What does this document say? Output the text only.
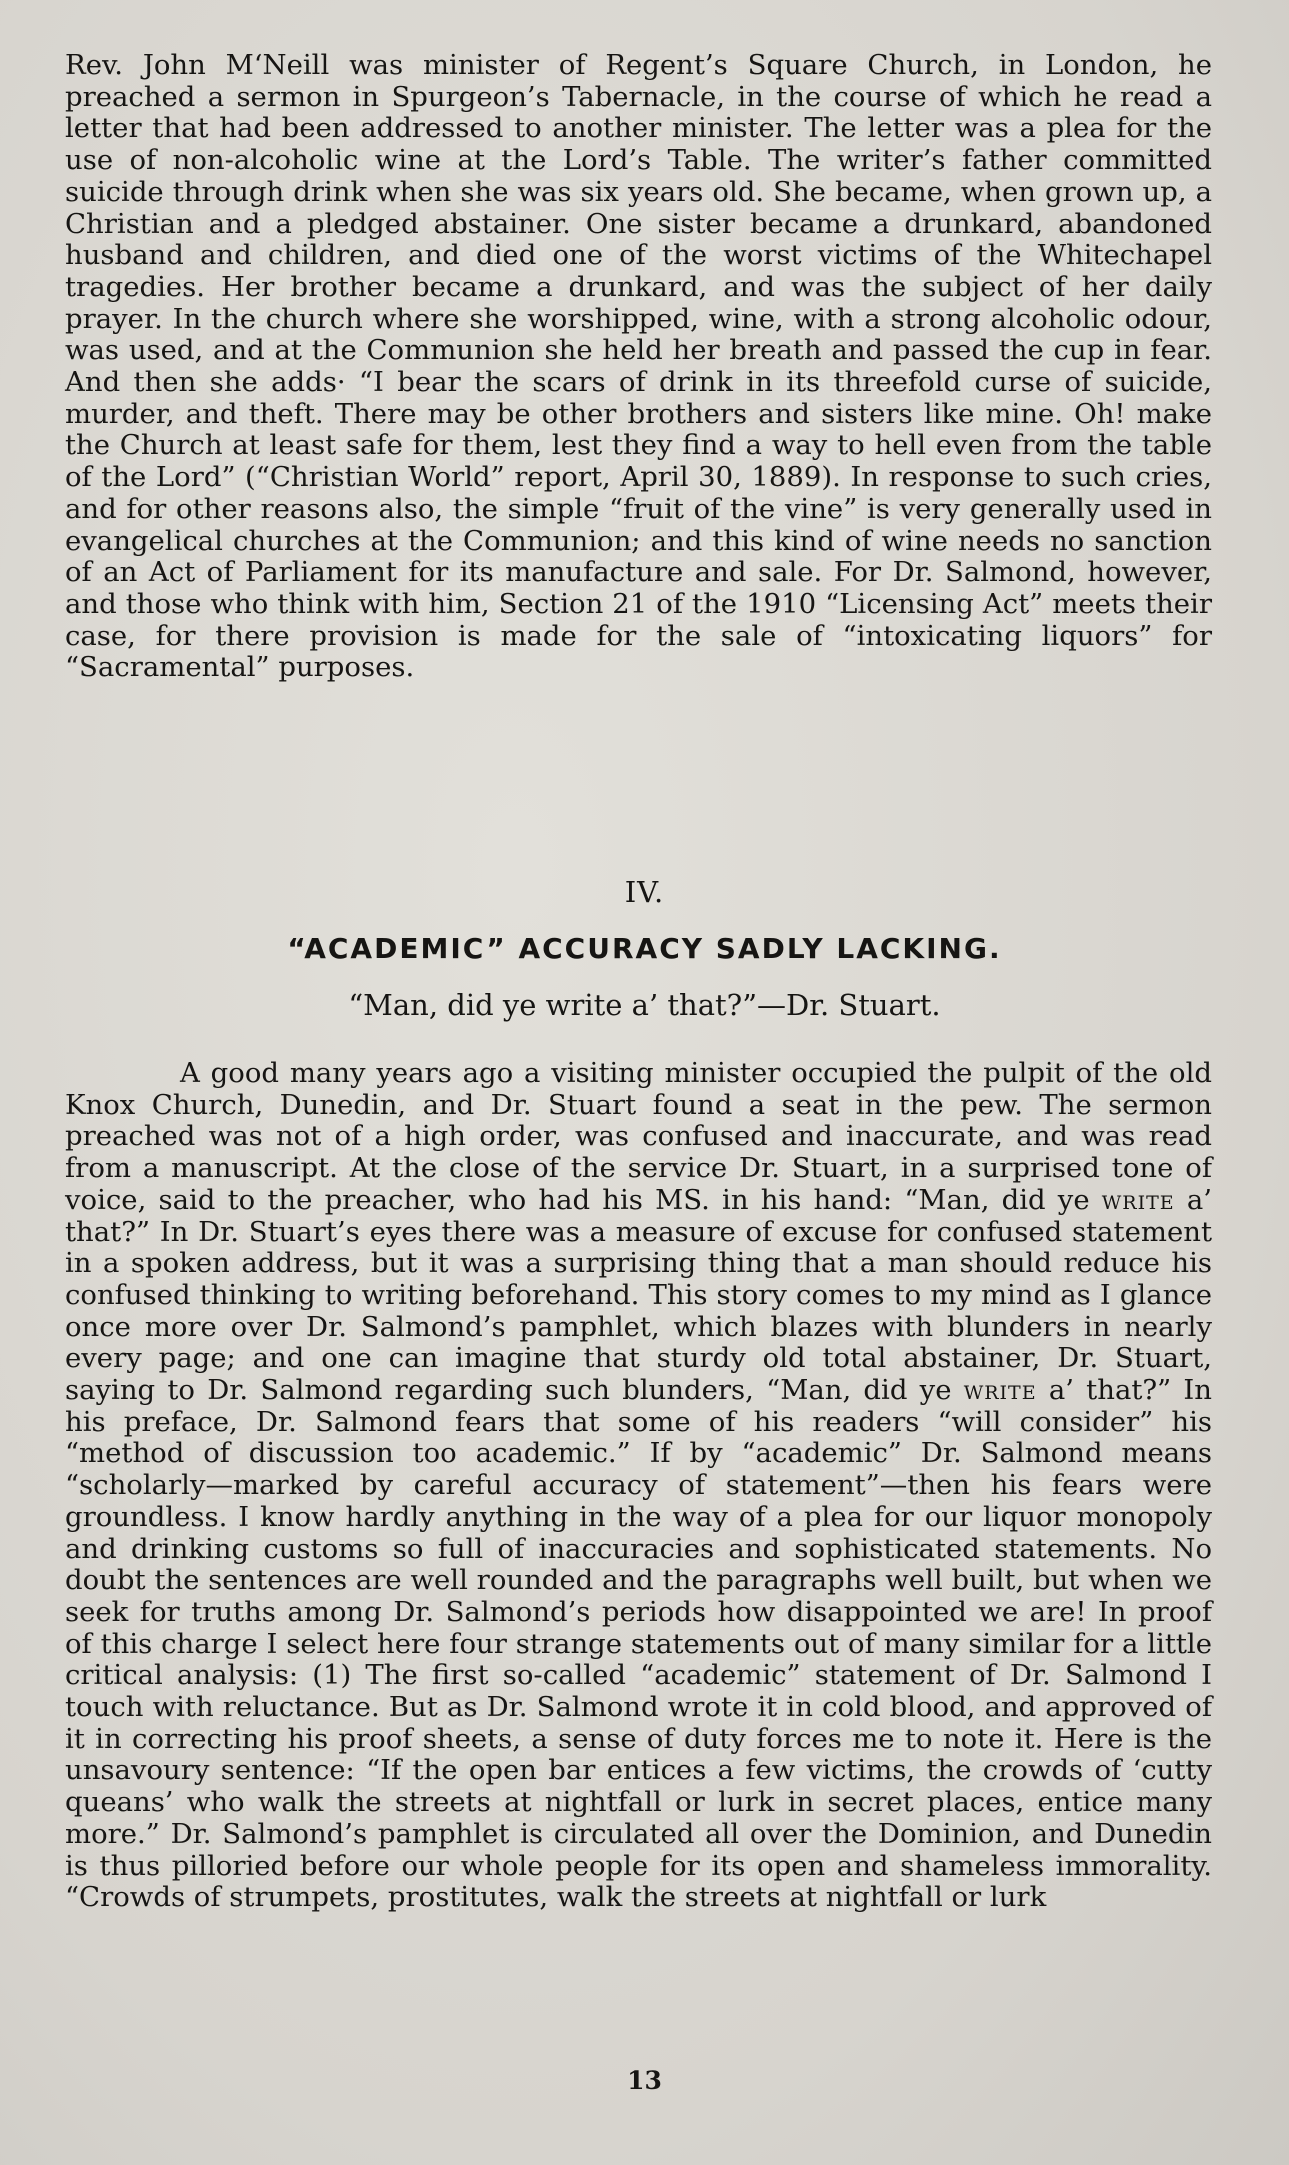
Rev. John M‘Neill was minister of Regent’s Square Church, in London, he preached a sermon in Spurgeon’s Tabernacle, in the course of which he read a letter that had been addressed to another minister. The letter was a plea for the use of non-alcoholic wine at the Lord’s Table. The writer’s father committed suicide through drink when she was six years old. She became, when grown up, a Christian and a pledged abstainer. One sister became a drunkard, abandoned husband and children, and died one of the worst victims of the Whitechapel tragedies. Her brother became a drunkard, and was the subject of her daily prayer. In the church where she worshipped, wine, with a strong alcoholic odour, was used, and at the Communion she held her breath and passed the cup in fear. And then she adds· “I bear the scars of drink in its threefold curse of suicide, murder, and theft. There may be other brothers and sisters like mine. Oh! make the Church at least safe for them, lest they find a way to hell even from the table of the Lord” (“Christian World” report, April 30, 1889). In response to such cries, and for other reasons also, the simple “fruit of the vine” is very generally used in evangelical churches at the Communion; and this kind of wine needs no sanction of an Act of Parliament for its manufacture and sale. For Dr. Salmond, however, and those who think with him, Section 21 of the 1910 “Licensing Act” meets their case, for there provision is made for the sale of “intoxicating liquors” for “Sacramental” purposes.

IV.

“ACADEMIC” ACCURACY SADLY LACKING.

“Man, did ye write a’ that?”—Dr. Stuart.

A good many years ago a visiting minister occupied the pulpit of the old Knox Church, Dunedin, and Dr. Stuart found a seat in the pew. The sermon preached was not of a high order, was confused and inaccurate, and was read from a manuscript. At the close of the service Dr. Stuart, in a surprised tone of voice, said to the preacher, who had his MS. in his hand: “Man, did ye write a’ that?” In Dr. Stuart’s eyes there was a measure of excuse for confused statement in a spoken address, but it was a surprising thing that a man should reduce his confused thinking to writing beforehand. This story comes to my mind as I glance once more over Dr. Salmond’s pamphlet, which blazes with blunders in nearly every page; and one can imagine that sturdy old total abstainer, Dr. Stuart, saying to Dr. Salmond regarding such blunders, “Man, did ye write a’ that?” In his preface, Dr. Salmond fears that some of his readers “will consider” his “method of discussion too academic.” If by “academic” Dr. Salmond means “scholarly—marked by careful accuracy of statement”—then his fears were groundless. I know hardly anything in the way of a plea for our liquor monopoly and drinking customs so full of inaccuracies and sophisticated statements. No doubt the sentences are well rounded and the paragraphs well built, but when we seek for truths among Dr. Salmond’s periods how disappointed we are! In proof of this charge I select here four strange statements out of many similar for a little critical analysis: (1) The first so-called “academic” statement of Dr. Salmond I touch with reluctance. But as Dr. Salmond wrote it in cold blood, and approved of it in correcting his proof sheets, a sense of duty forces me to note it. Here is the unsavoury sentence: “If the open bar entices a few victims, the crowds of ‘cutty queans’ who walk the streets at nightfall or lurk in secret places, entice many more.” Dr. Salmond’s pamphlet is circulated all over the Dominion, and Dunedin is thus pilloried before our whole people for its open and shameless immorality. “Crowds of strumpets, prostitutes, walk the streets at nightfall or lurk

13
